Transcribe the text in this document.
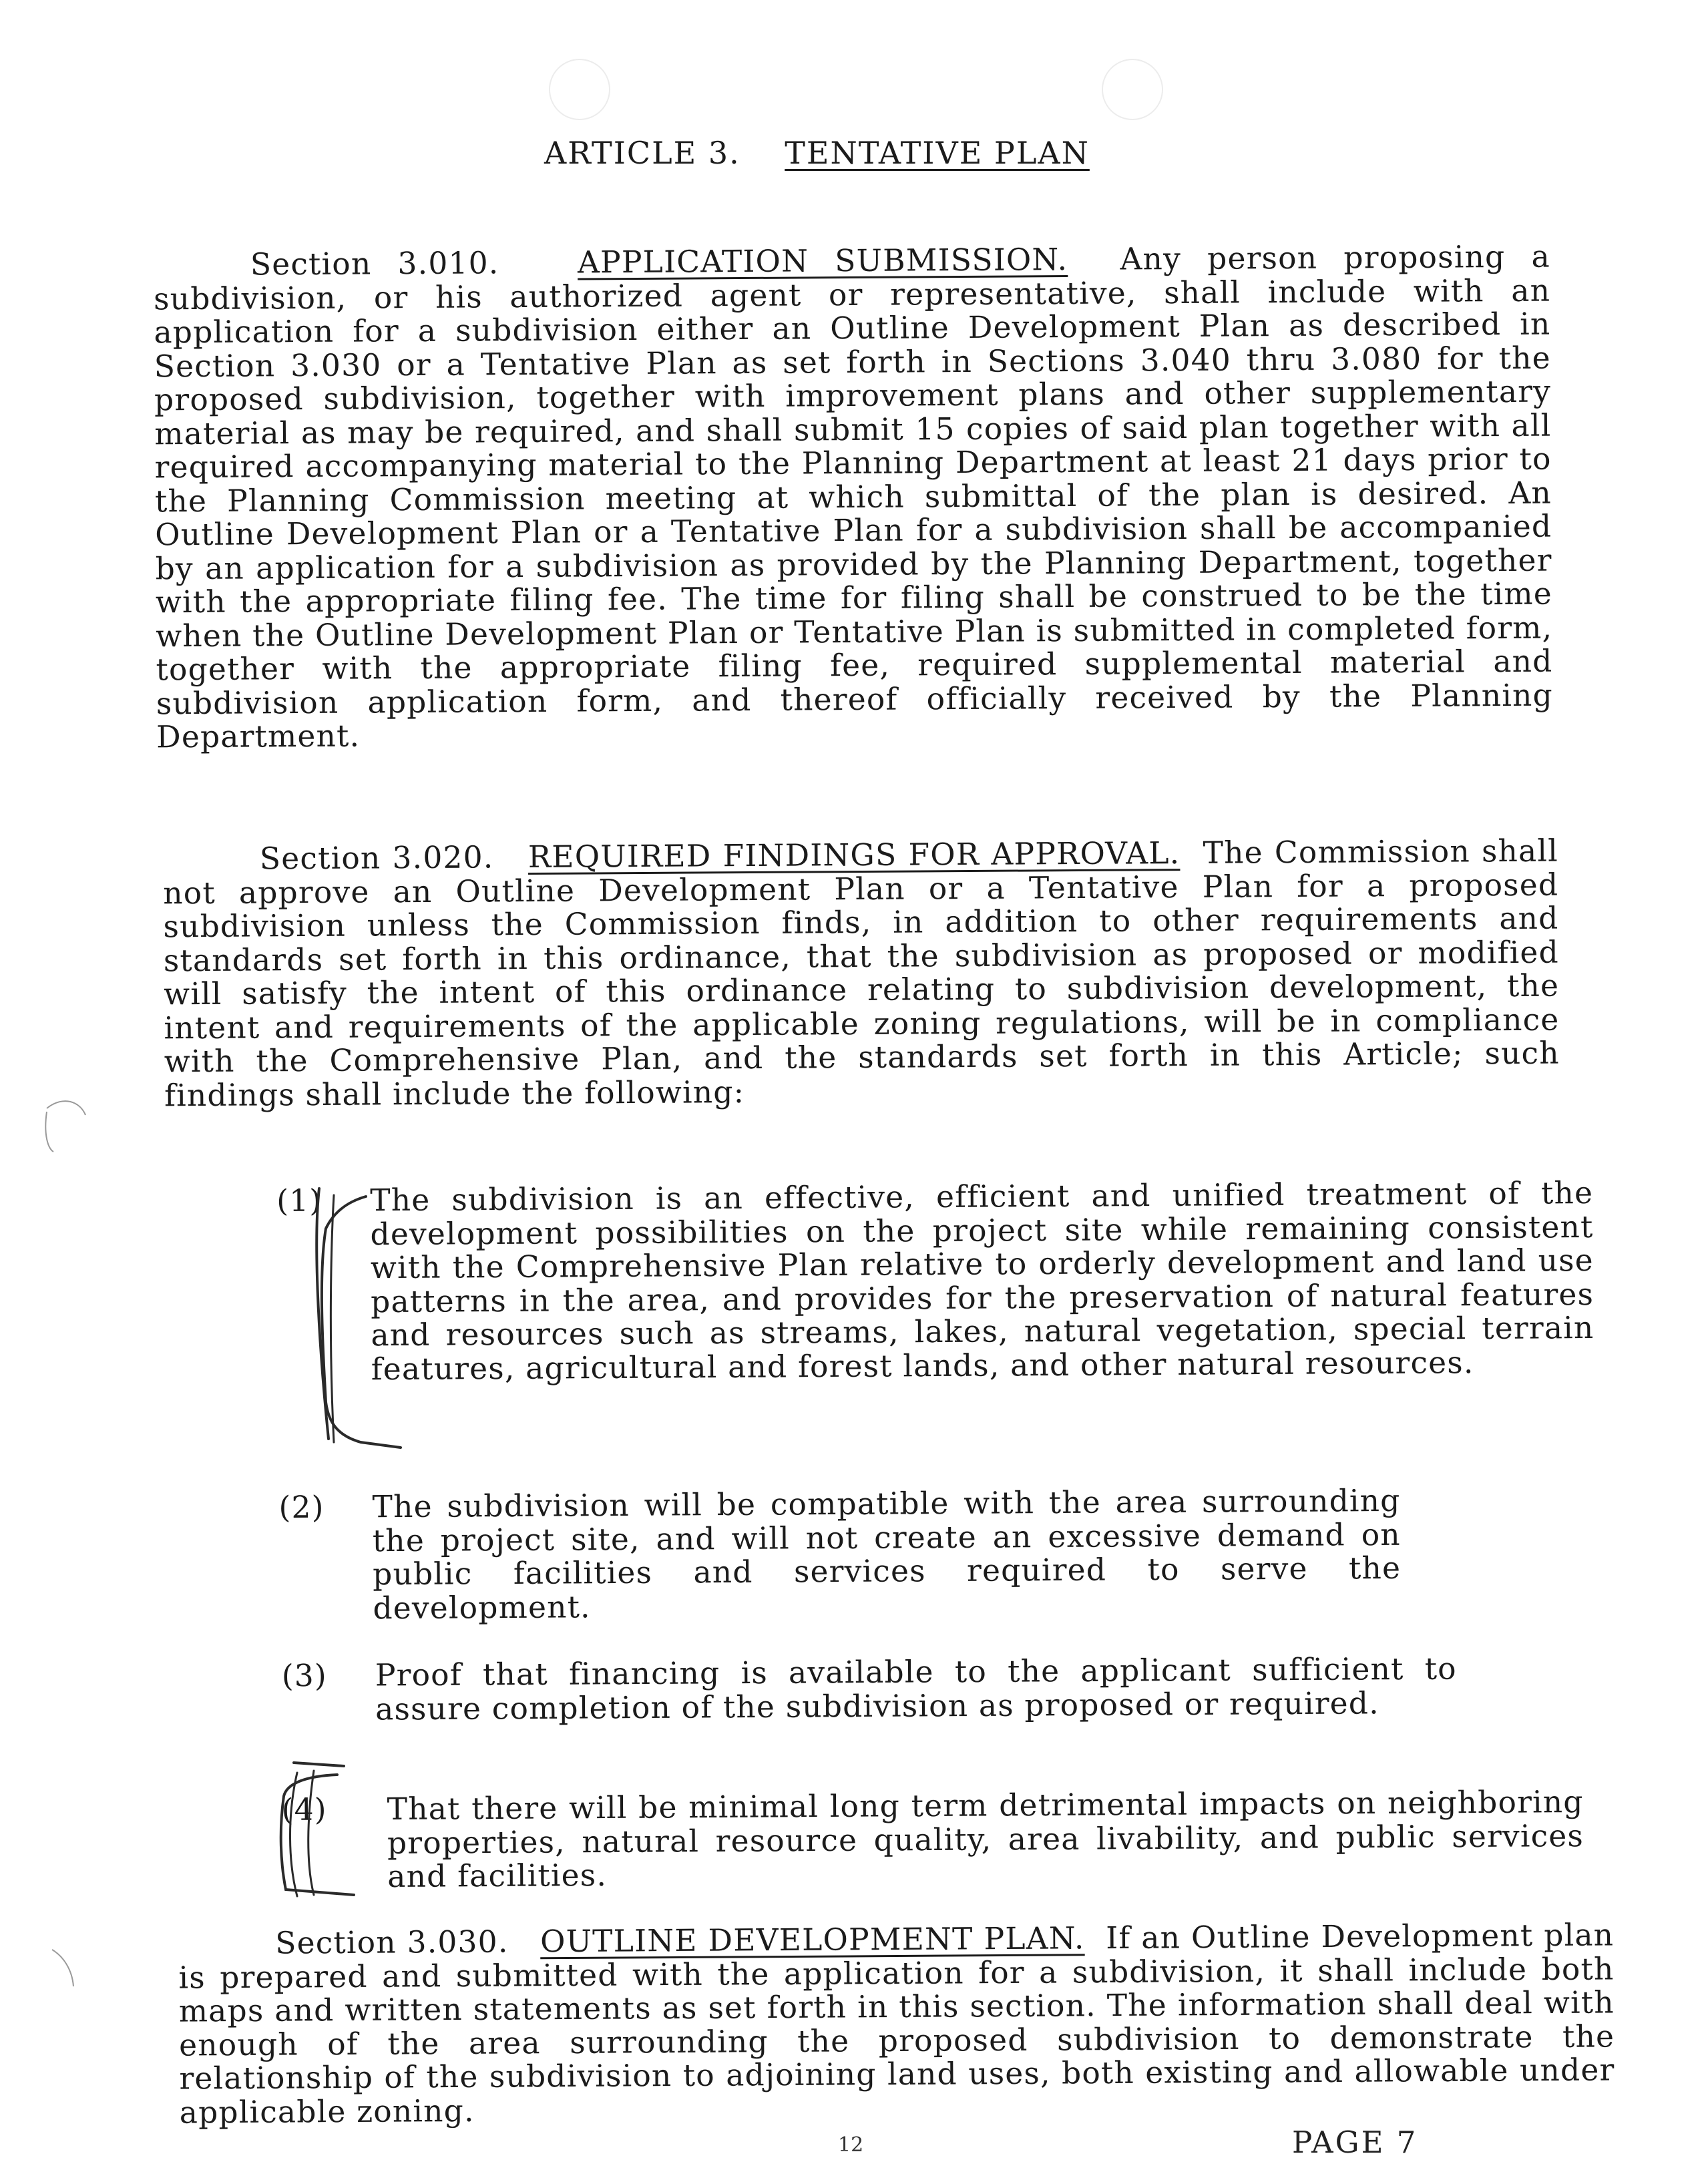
ARTICLE 3. TENTATIVE PLAN

Section 3.010.	APPLICATION SUBMISSION. Any person proposing a subdivision, or his authorized agent or representative, shall include with an application for a subdivision either an Outline Development Plan as described in Section 3.030 or a Tentative Plan as set forth in Sections 3.040 thru 3.080 for the proposed subdivision, together with improvement plans and other supplementary material as may be required, and shall submit 15 copies of said plan together with all required accompanying material to the Planning Department at least 21 days prior to the Planning Commission meeting at which submittal of the plan is desired. An Outline Development Plan or a Tentative Plan for a subdivision shall be accompanied by an application for a subdivision as provided by the Planning Department, together with the appropriate filing fee. The time for filing shall be construed to be the time when the Outline Development Plan or Tentative Plan is submitted in completed form, together with the appropriate filing fee, required supplemental material and subdivision application form, and thereof officially received by the Planning Department.

Section 3.020. REQUIRED FINDINGS FOR APPROVAL. The Commission shall not approve an Outline Development Plan or a Tentative Plan for a proposed subdivision unless the Commission finds, in addition to other requirements and standards set forth in this ordinance, that the subdivision as proposed or modified will satisfy the intent of this ordinance relating to subdivision development, the intent and requirements of the applicable zoning regulations, will be in compliance with the Comprehensive Plan, and the standards set forth in this Article; such findings shall include the following:

(1)	The subdivision is an effective, efficient and unified treatment of the development possibilities on the project site while remaining consistent with the Comprehensive Plan relative to orderly development and land use patterns in the area, and provides for the preservation of natural features and resources such as streams, lakes, natural vegetation, special terrain features, agricultural and forest lands, and other natural resources.

(2)	The subdivision will be compatible with the area surrounding the project site, and will not create an excessive demand on public facilities and services required to serve the development.

(3)	Proof that financing is available to the applicant sufficient to assure completion of the subdivision as proposed or required.

(4)	That there will be minimal long term detrimental impacts on neighboring properties, natural resource quality, area livability, and public services and facilities.

Section 3.030. OUTLINE DEVELOPMENT PLAN. If an Outline Development plan is prepared and submitted with the application for a subdivision, it shall include both maps and written statements as set forth in this section. The information shall deal with enough of the area surrounding the proposed subdivision to demonstrate the relationship of the subdivision to adjoining land uses, both existing and allowable under applicable zoning.

12	PAGE 7
